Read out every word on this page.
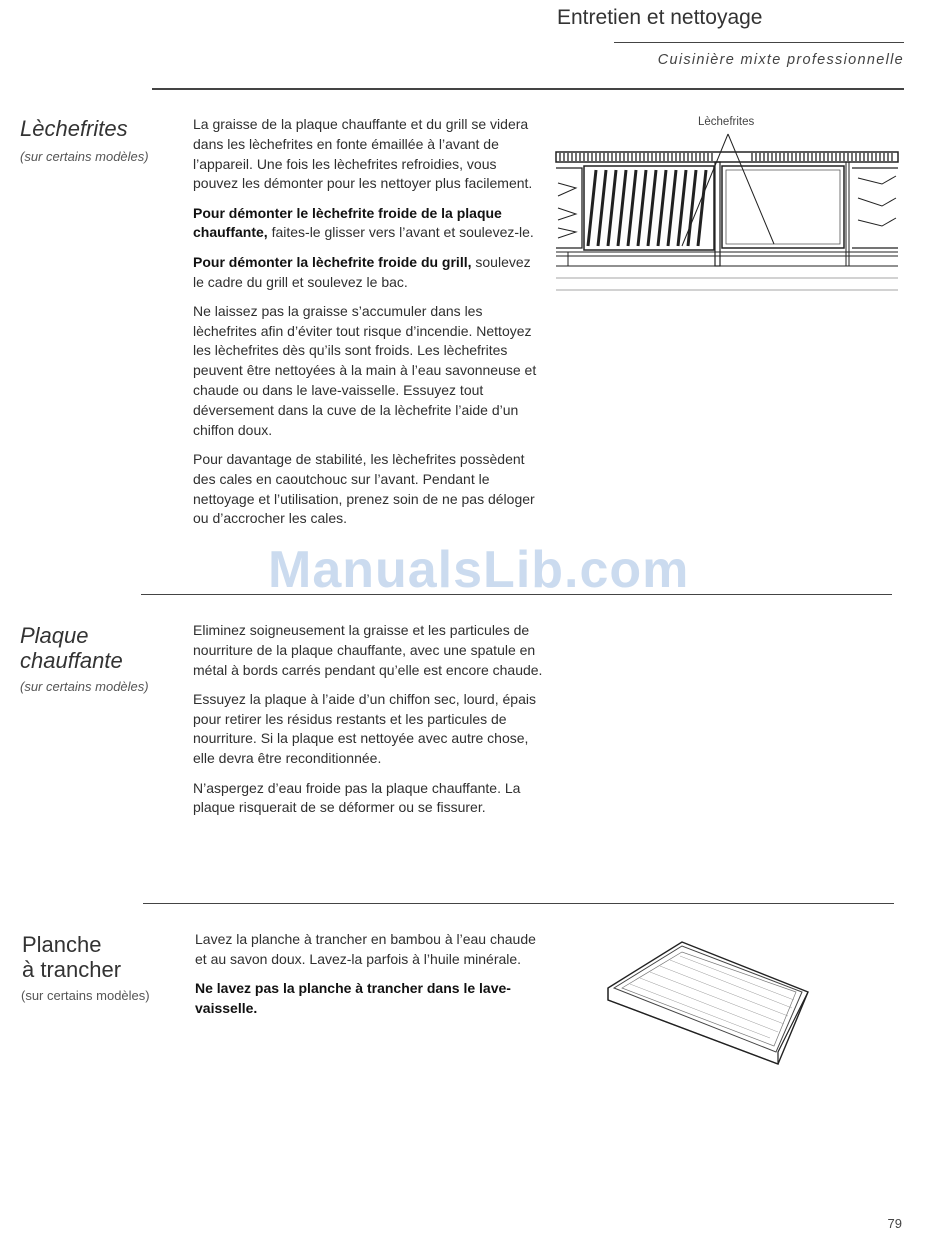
Entretien et nettoyage
Cuisinière mixte professionnelle
Lèchefrites
(sur certains modèles)

La graisse de la plaque chauffante et du grill se videra dans les lèchefrites en fonte émaillée à l’avant de l’appareil. Une fois les lèchefrites refroidies, vous pouvez les démonter pour les nettoyer plus facilement.

Pour démonter le lèchefrite froide de la plaque chauffante, faites-le glisser vers l’avant et soulevez-le.

Pour démonter la lèchefrite froide du grill, soulevez le cadre du grill et soulevez le bac.

Ne laissez pas la graisse s’accumuler dans les lèchefrites afin d’éviter tout risque d’incendie. Nettoyez les lèchefrites dès qu’ils sont froids. Les lèchefrites peuvent être nettoyées à la main à l’eau savonneuse et chaude ou dans le lave-vaisselle. Essuyez tout déversement dans la cuve de la lèchefrite l’aide d’un chiffon doux.

Pour davantage de stabilité, les lèchefrites possèdent des cales en caoutchouc sur l’avant. Pendant le nettoyage et l’utilisation, prenez soin de ne pas déloger ou d’accrocher les cales.

Lèchefrites
Plaque
chauffante
(sur certains modèles)

Eliminez soigneusement la graisse et les particules de nourriture de la plaque chauffante, avec une spatule en métal à bords carrés pendant qu’elle est encore chaude.

Essuyez la plaque à l’aide d’un chiffon sec, lourd, épais pour retirer les résidus restants et les particules de nourriture. Si la plaque est nettoyée avec autre chose, elle devra être reconditionnée.

N’aspergez d’eau froide pas la plaque chauffante. La plaque risquerait de se déformer ou se fissurer.

Planche
à trancher
(sur certains modèles)

Lavez la planche à trancher en bambou à l’eau chaude et au savon doux. Lavez-la parfois à l’huile minérale.

Ne lavez pas la planche à trancher dans le lave-vaisselle.

ManualsLib.com
79
